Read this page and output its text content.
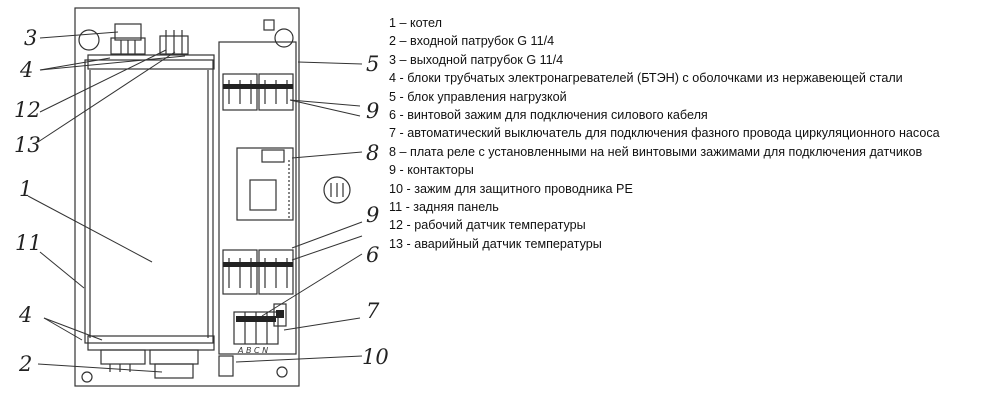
3
4
12
13
1
11
4
2
5
9
8
9
6
7
10
A B C N
1 – котел
2 – входной патрубок G 11/4
3 – выходной патрубок G 11/4
4 - блоки трубчатых электронагревателей (БТЭН) с оболочками из нержавеющей стали
5 - блок управления нагрузкой
6 - винтовой зажим для подключения силового кабеля
7 - автоматический выключатель для подключения фазного провода циркуляционного насоса
8 – плата реле с установленными на ней винтовыми зажимами для подключения датчиков
9 - контакторы
10 - зажим для защитного проводника PE
11 - задняя панель
12 - рабочий датчик температуры
13 - аварийный датчик температуры
